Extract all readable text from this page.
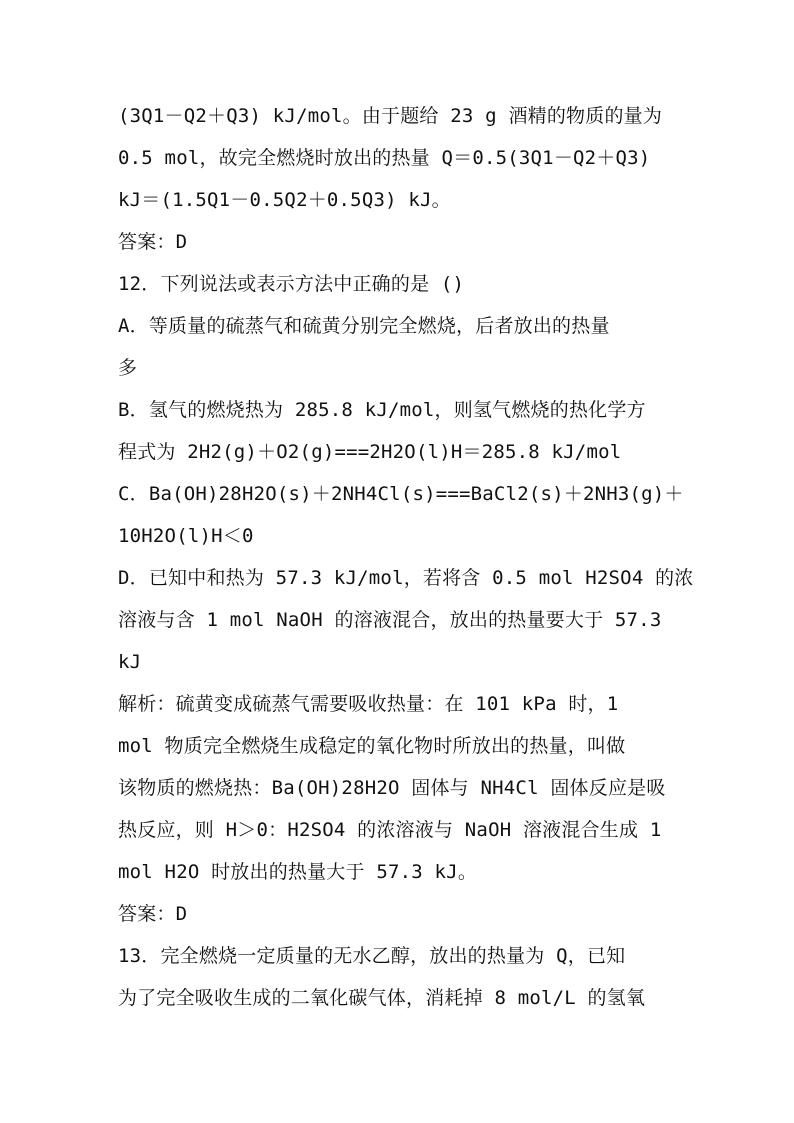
(3Q1－Q2＋Q3) kJ/mol。由于题给 23 g 酒精的物质的量为
0.5 mol，故完全燃烧时放出的热量 Q＝0.5(3Q1－Q2＋Q3)
kJ＝(1.5Q1－0.5Q2＋0.5Q3) kJ。
答案：D
12．下列说法或表示方法中正确的是 ()
A．等质量的硫蒸气和硫黄分别完全燃烧，后者放出的热量
多
B．氢气的燃烧热为 285.8 kJ/mol，则氢气燃烧的热化学方
程式为 2H2(g)＋O2(g)===2H2O(l)H＝285.8 kJ/mol
C．Ba(OH)28H2O(s)＋2NH4Cl(s)===BaCl2(s)＋2NH3(g)＋
10H2O(l)H＜0
D．已知中和热为 57.3 kJ/mol，若将含 0.5 mol H2SO4 的浓
溶液与含 1 mol NaOH 的溶液混合，放出的热量要大于 57.3
kJ
解析：硫黄变成硫蒸气需要吸收热量：在 101 kPa 时，1
mol 物质完全燃烧生成稳定的氧化物时所放出的热量，叫做
该物质的燃烧热：Ba(OH)28H2O 固体与 NH4Cl 固体反应是吸
热反应，则 H＞0：H2SO4 的浓溶液与 NaOH 溶液混合生成 1
mol H2O 时放出的热量大于 57.3 kJ。
答案：D
13．完全燃烧一定质量的无水乙醇，放出的热量为 Q，已知
为了完全吸收生成的二氧化碳气体，消耗掉 8 mol/L 的氢氧
